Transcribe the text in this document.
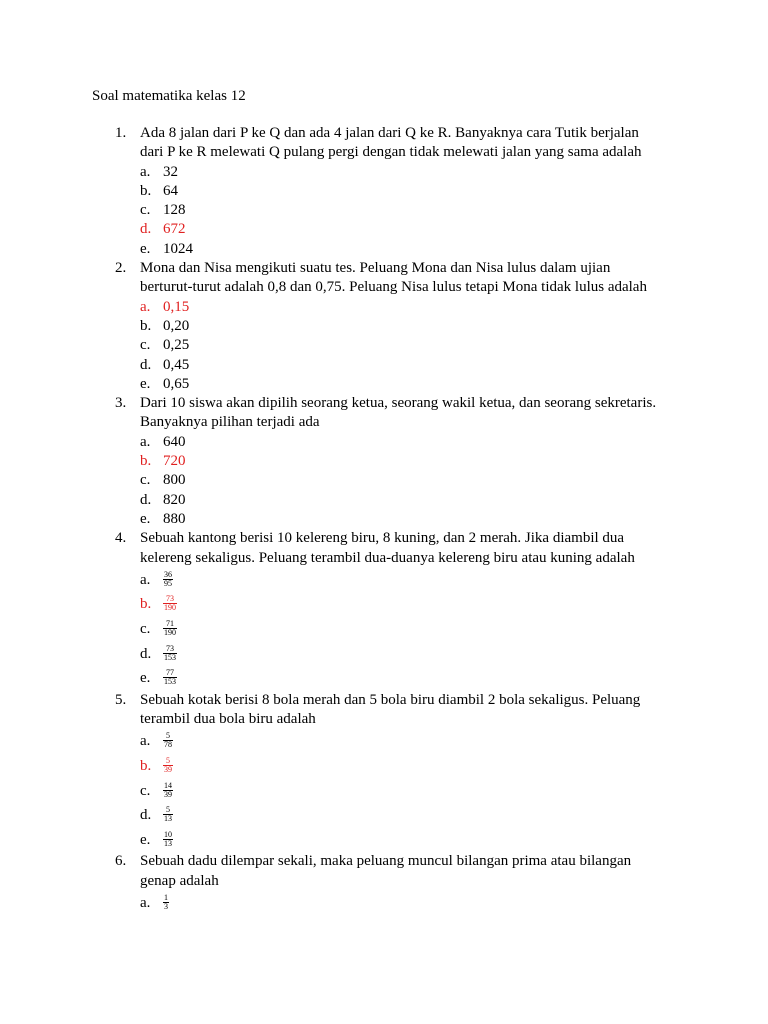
Soal matematika kelas 12
1. Ada 8 jalan dari P ke Q dan ada 4 jalan dari Q ke R. Banyaknya cara Tutik berjalan
dari P ke R melewati Q pulang pergi dengan tidak melewati jalan yang sama adalah
a. 32
b. 64
c. 128
d. 672
e. 1024
2. Mona dan Nisa mengikuti suatu tes. Peluang Mona dan Nisa lulus dalam ujian
berturut-turut adalah 0,8 dan 0,75. Peluang Nisa lulus tetapi Mona tidak lulus adalah
a. 0,15
b. 0,20
c. 0,25
d. 0,45
e. 0,65
3. Dari 10 siswa akan dipilih seorang ketua, seorang wakil ketua, dan seorang sekretaris.
Banyaknya pilihan terjadi ada
a. 640
b. 720
c. 800
d. 820
e. 880
4. Sebuah kantong berisi 10 kelereng biru, 8 kuning, dan 2 merah. Jika diambil dua
kelereng sekaligus. Peluang terambil dua-duanya kelereng biru atau kuning adalah
a. $\frac{36}{95}$
b. $\frac{73}{190}$
c. $\frac{71}{190}$
d. $\frac{73}{153}$
e. $\frac{77}{153}$
5. Sebuah kotak berisi 8 bola merah dan 5 bola biru diambil 2 bola sekaligus. Peluang
terambil dua bola biru adalah
a. $\frac{5}{78}$
b. $\frac{5}{39}$
c. $\frac{14}{39}$
d. $\frac{5}{13}$
e. $\frac{10}{13}$
6. Sebuah dadu dilempar sekali, maka peluang muncul bilangan prima atau bilangan
genap adalah
a. $\frac{1}{3}$
